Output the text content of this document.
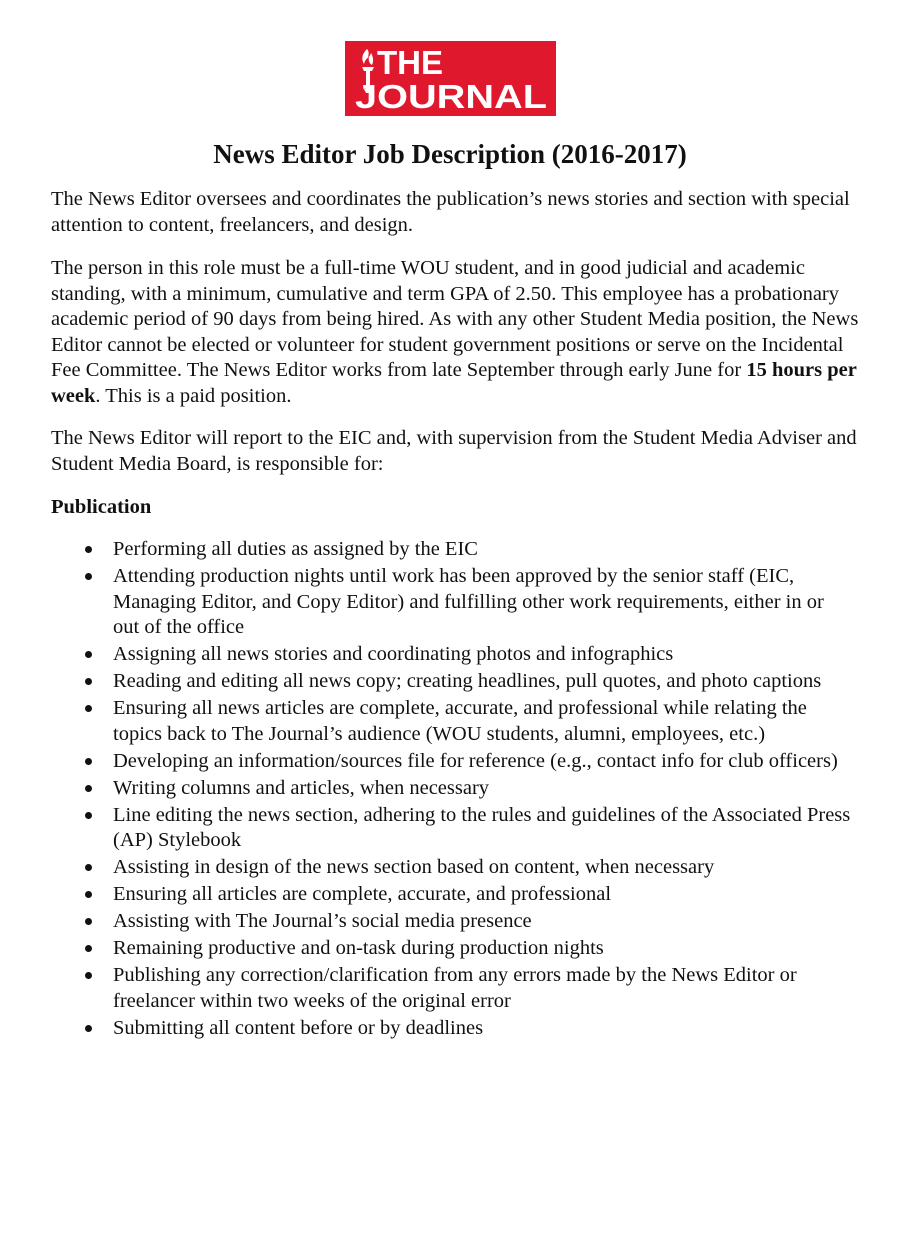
THE
JOURNAL
News Editor Job Description (2016-2017)

The News Editor oversees and coordinates the publication’s news stories and section with special attention to content, freelancers, and design.

The person in this role must be a full-time WOU student, and in good judicial and academic standing, with a minimum, cumulative and term GPA of 2.50. This employee has a probationary academic period of 90 days from being hired. As with any other Student Media position, the News Editor cannot be elected or volunteer for student government positions or serve on the Incidental Fee Committee. The News Editor works from late September through early June for 15 hours per week. This is a paid position.

The News Editor will report to the EIC and, with supervision from the Student Media Adviser and Student Media Board, is responsible for:

Publication
Performing all duties as assigned by the EIC
Attending production nights until work has been approved by the senior staff (EIC, Managing Editor, and Copy Editor) and fulfilling other work requirements, either in or out of the office
Assigning all news stories and coordinating photos and infographics
Reading and editing all news copy; creating headlines, pull quotes, and photo captions
Ensuring all news articles are complete, accurate, and professional while relating the topics back to The Journal’s audience (WOU students, alumni, employees, etc.)
Developing an information/sources file for reference (e.g., contact info for club officers)
Writing columns and articles, when necessary
Line editing the news section, adhering to the rules and guidelines of the Associated Press (AP) Stylebook
Assisting in design of the news section based on content, when necessary
Ensuring all articles are complete, accurate, and professional
Assisting with The Journal’s social media presence
Remaining productive and on-task during production nights
Publishing any correction/clarification from any errors made by the News Editor or freelancer within two weeks of the original error
Submitting all content before or by deadlines
